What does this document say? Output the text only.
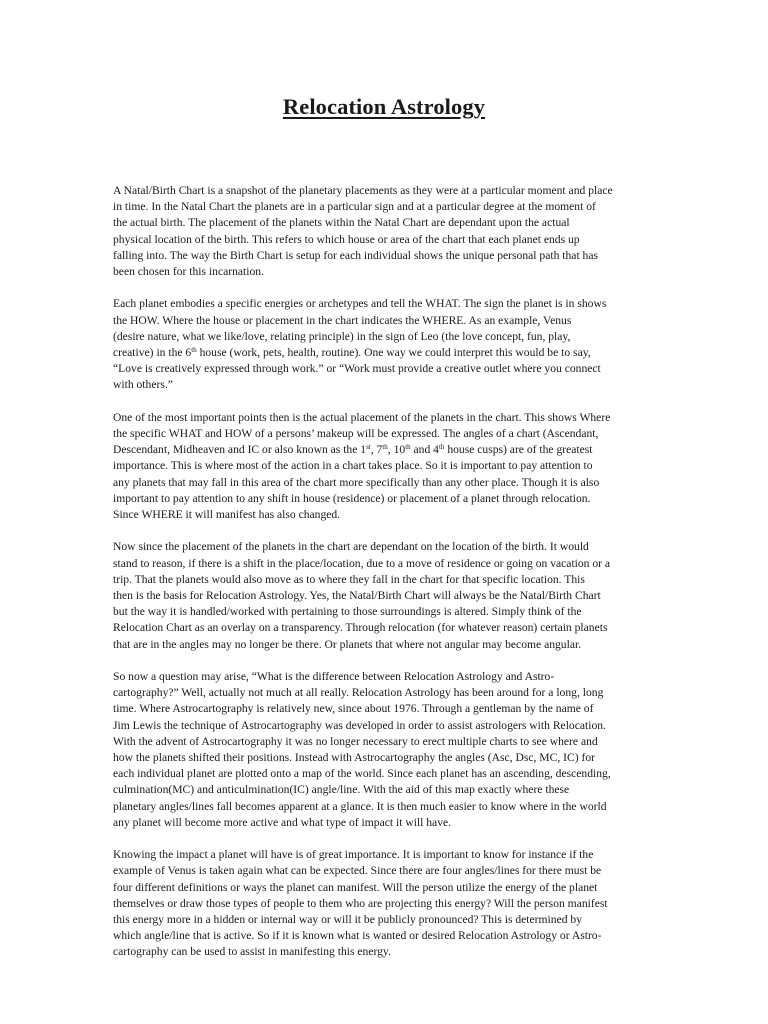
Relocation Astrology
A Natal/Birth Chart is a snapshot of the planetary placements as they were at a particular moment and place
in time. In the Natal Chart the planets are in a particular sign and at a particular degree at the moment of
the actual birth. The placement of the planets within the Natal Chart are dependant upon the actual
physical location of the birth. This refers to which house or area of the chart that each planet ends up
falling into. The way the Birth Chart is setup for each individual shows the unique personal path that has
been chosen for this incarnation.
Each planet embodies a specific energies or archetypes and tell the WHAT. The sign the planet is in shows
the HOW. Where the house or placement in the chart indicates the WHERE. As an example, Venus
(desire nature, what we like/love, relating principle) in the sign of Leo (the love concept, fun, play,
creative) in the 6th house (work, pets, health, routine). One way we could interpret this would be to say,
“Love is creatively expressed through work.” or “Work must provide a creative outlet where you connect
with others.”
One of the most important points then is the actual placement of the planets in the chart. This shows Where
the specific WHAT and HOW of a persons’ makeup will be expressed. The angles of a chart (Ascendant,
Descendant, Midheaven and IC or also known as the 1st, 7th, 10th and 4th house cusps) are of the greatest
importance. This is where most of the action in a chart takes place. So it is important to pay attention to
any planets that may fall in this area of the chart more specifically than any other place. Though it is also
important to pay attention to any shift in house (residence) or placement of a planet through relocation.
Since WHERE it will manifest has also changed.
Now since the placement of the planets in the chart are dependant on the location of the birth. It would
stand to reason, if there is a shift in the place/location, due to a move of residence or going on vacation or a
trip. That the planets would also move as to where they fall in the chart for that specific location. This
then is the basis for Relocation Astrology. Yes, the Natal/Birth Chart will always be the Natal/Birth Chart
but the way it is handled/worked with pertaining to those surroundings is altered. Simply think of the
Relocation Chart as an overlay on a transparency. Through relocation (for whatever reason) certain planets
that are in the angles may no longer be there. Or planets that where not angular may become angular.
So now a question may arise, “What is the difference between Relocation Astrology and Astro-
cartography?” Well, actually not much at all really. Relocation Astrology has been around for a long, long
time. Where Astrocartography is relatively new, since about 1976. Through a gentleman by the name of
Jim Lewis the technique of Astrocartography was developed in order to assist astrologers with Relocation.
With the advent of Astrocartography it was no longer necessary to erect multiple charts to see where and
how the planets shifted their positions. Instead with Astrocartography the angles (Asc, Dsc, MC, IC) for
each individual planet are plotted onto a map of the world. Since each planet has an ascending, descending,
culmination(MC) and anticulmination(IC) angle/line. With the aid of this map exactly where these
planetary angles/lines fall becomes apparent at a glance. It is then much easier to know where in the world
any planet will become more active and what type of impact it will have.
Knowing the impact a planet will have is of great importance. It is important to know for instance if the
example of Venus is taken again what can be expected. Since there are four angles/lines for there must be
four different definitions or ways the planet can manifest. Will the person utilize the energy of the planet
themselves or draw those types of people to them who are projecting this energy? Will the person manifest
this energy more in a hidden or internal way or will it be publicly pronounced? This is determined by
which angle/line that is active. So if it is known what is wanted or desired Relocation Astrology or Astro-
cartography can be used to assist in manifesting this energy.
